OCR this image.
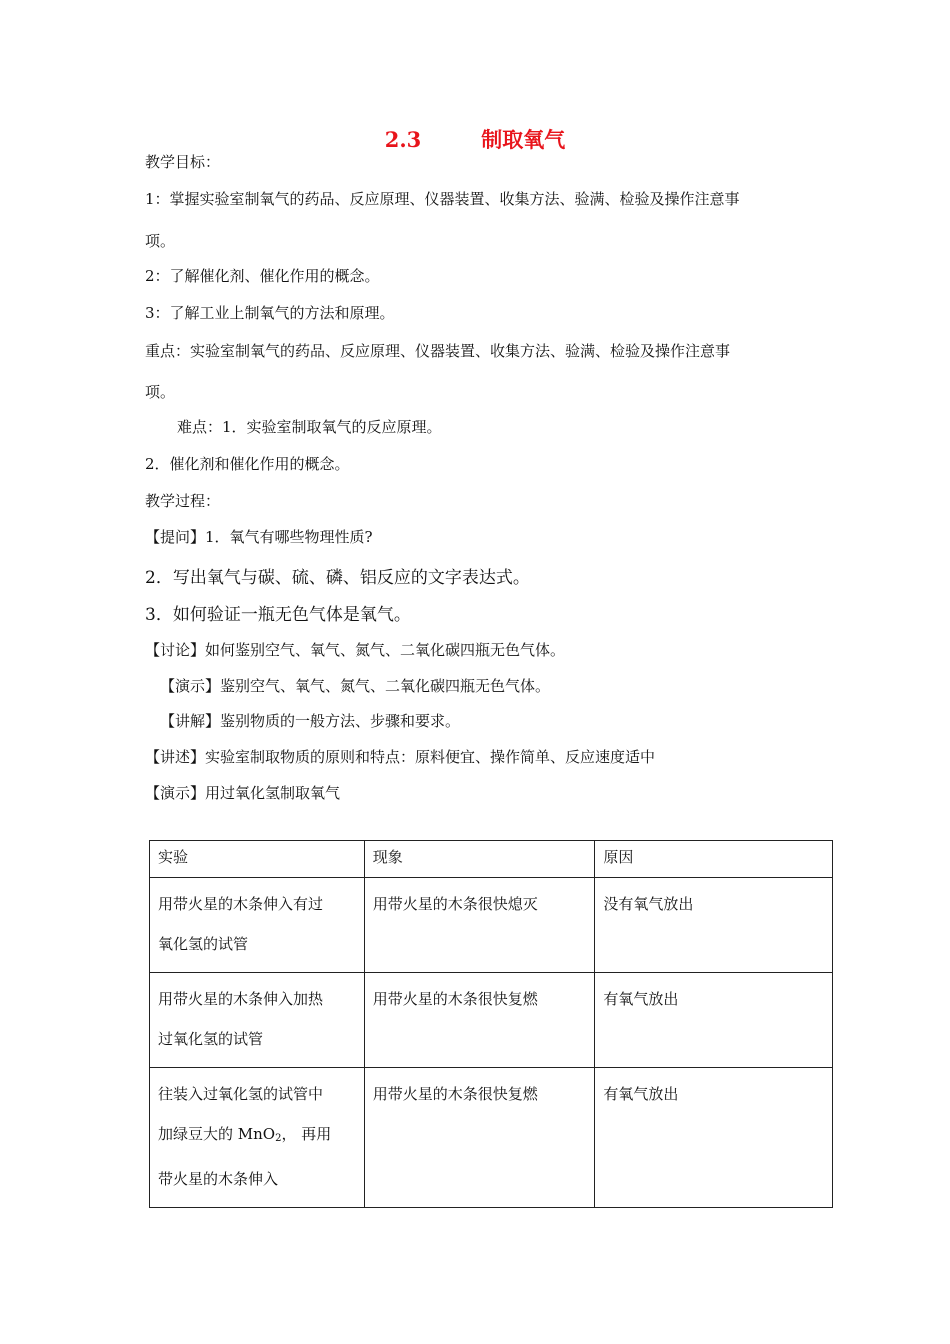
2.3	制取氧气
教学目标：
1：掌握实验室制氧气的药品、反应原理、仪器装置、收集方法、验满、检验及操作注意事
项。
2：了解催化剂、催化作用的概念。
3：了解工业上制氧气的方法和原理。
重点：实验室制氧气的药品、反应原理、仪器装置、收集方法、验满、检验及操作注意事
项。
难点：1．实验室制取氧气的反应原理。
2．催化剂和催化作用的概念。
教学过程：
【提问】1．氧气有哪些物理性质?
2．写出氧气与碳、硫、磷、铝反应的文字表达式。
3．如何验证一瓶无色气体是氧气。
【讨论】如何鉴别空气、氧气、氮气、二氧化碳四瓶无色气体。
【演示】鉴别空气、氧气、氮气、二氧化碳四瓶无色气体。
【讲解】鉴别物质的一般方法、步骤和要求。
【讲述】实验室制取物质的原则和特点：原料便宜、操作简单、反应速度适中
【演示】用过氧化氢制取氧气
实验	现象	原因

用带火星的木条伸入有过
氧化氢的试管	用带火星的木条很快熄灭	没有氧气放出

用带火星的木条伸入加热
过氧化氢的试管	用带火星的木条很快复燃	有氧气放出

往装入过氧化氢的试管中
加绿豆大的 MnO$_2$， 再用
带火星的木条伸入	用带火星的木条很快复燃	有氧气放出
